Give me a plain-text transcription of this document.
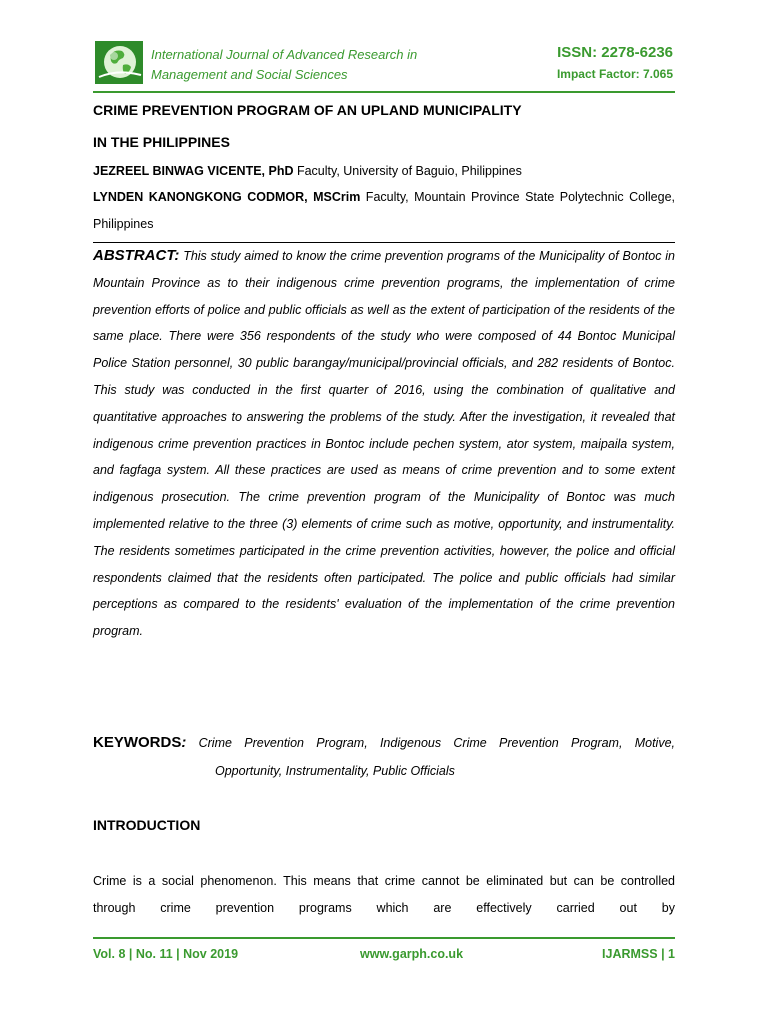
International Journal of Advanced Research in
Management and Social Sciences
ISSN: 2278-6236
Impact Factor: 7.065
CRIME PREVENTION PROGRAM OF AN UPLAND MUNICIPALITY
IN THE PHILIPPINES
JEZREEL BINWAG VICENTE, PhD Faculty, University of Baguio, Philippines
LYNDEN KANONGKONG CODMOR, MSCrim Faculty, Mountain Province State Polytechnic College, Philippines
ABSTRACT: This study aimed to know the crime prevention programs of the Municipality of Bontoc in Mountain Province as to their indigenous crime prevention programs, the implementation of crime prevention efforts of police and public officials as well as the extent of participation of the residents of the same place. There were 356 respondents of the study who were composed of 44 Bontoc Municipal Police Station personnel, 30 public barangay/municipal/provincial officials, and 282 residents of Bontoc. This study was conducted in the first quarter of 2016, using the combination of qualitative and quantitative approaches to answering the problems of the study. After the investigation, it revealed that indigenous crime prevention practices in Bontoc include pechen system, ator system, maipaila system, and fagfaga system. All these practices are used as means of crime prevention and to some extent indigenous prosecution. The crime prevention program of the Municipality of Bontoc was much implemented relative to the three (3) elements of crime such as motive, opportunity, and instrumentality. The residents sometimes participated in the crime prevention activities, however, the police and official respondents claimed that the residents often participated. The police and public officials had similar perceptions as compared to the residents' evaluation of the implementation of the crime prevention program.
KEYWORDS: Crime Prevention Program, Indigenous Crime Prevention Program, Motive, Opportunity, Instrumentality, Public Officials
INTRODUCTION
Crime is a social phenomenon. This means that crime cannot be eliminated but can be controlled through crime prevention programs which are effectively carried out by
Vol. 8 | No. 11 | Nov 2019	www.garph.co.uk	IJARMSS | 1
